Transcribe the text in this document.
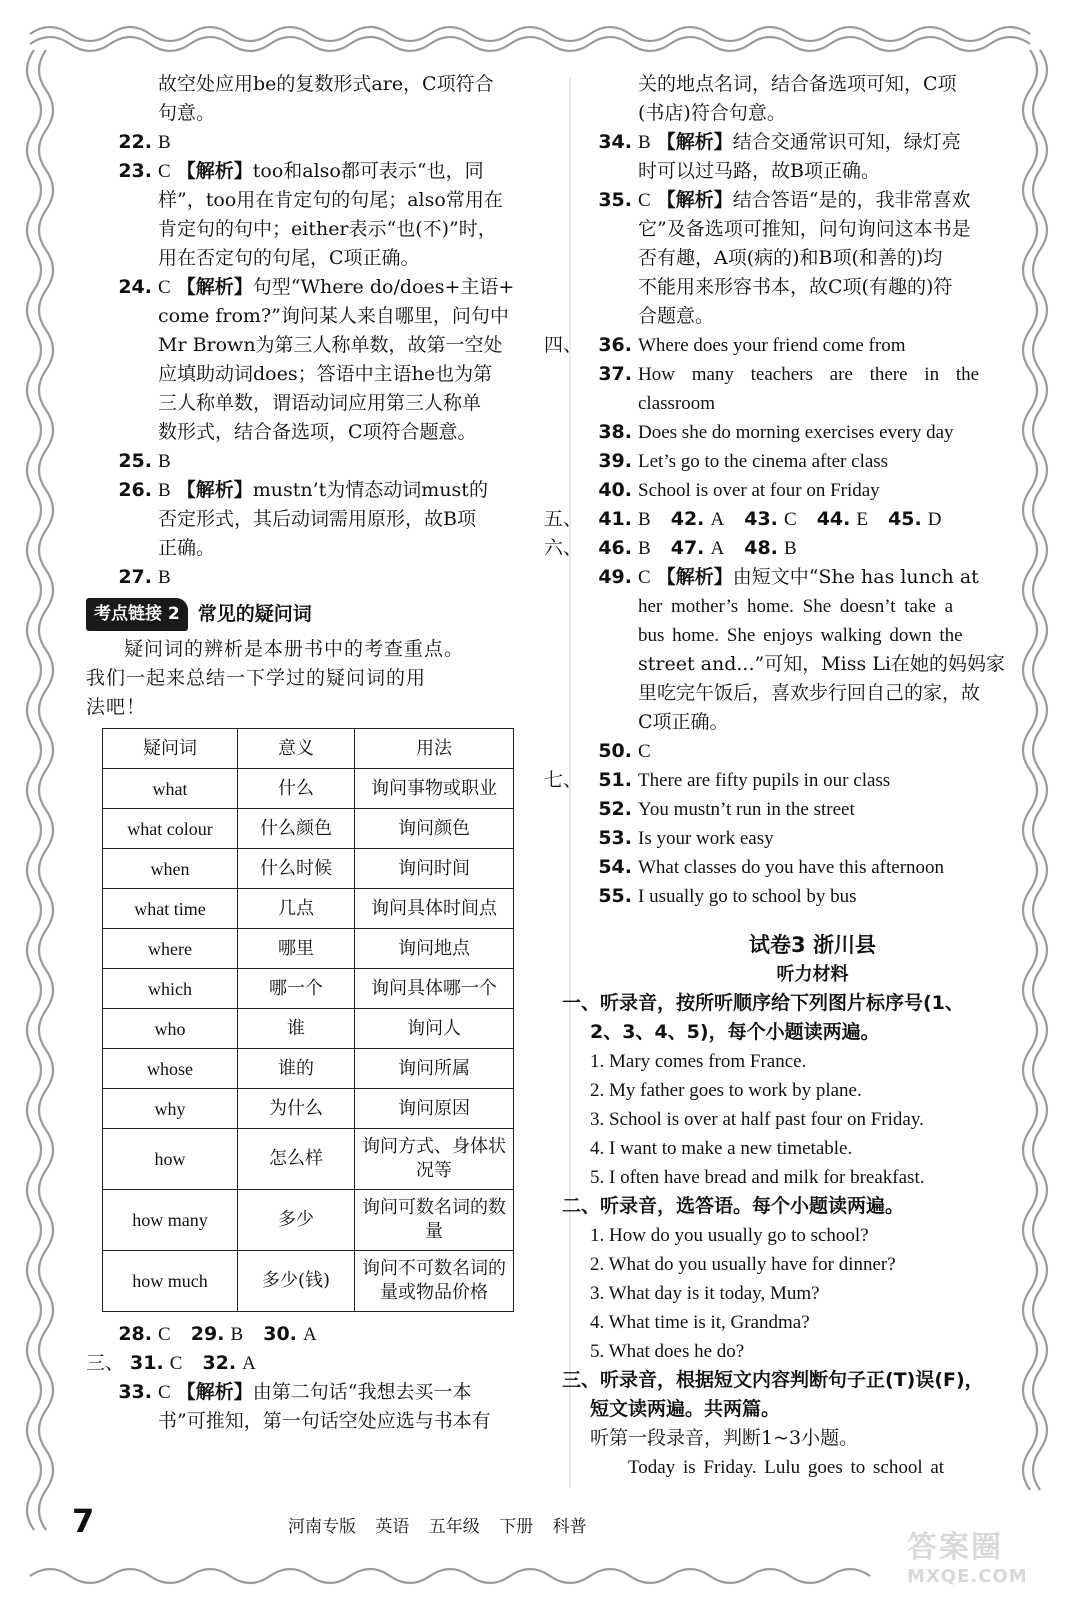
故空处应用be的复数形式are，C项符合
句意。
22. B
23. C 【解析】too和also都可表示“也，同
样”，too用在肯定句的句尾；also常用在
肯定句的句中；either表示“也(不)”时，
用在否定句的句尾，C项正确。
24. C 【解析】句型“Where do/does+主语+
come from?”询问某人来自哪里，问句中
Mr Brown为第三人称单数，故第一空处
应填助动词does；答语中主语he也为第
三人称单数，谓语动词应用第三人称单
数形式，结合备选项，C项符合题意。
25. B
26. B 【解析】mustn’t为情态动词must的
否定形式，其后动词需用原形，故B项
正确。
27. B
考点链接 2 常见的疑问词
疑问词的辨析是本册书中的考查重点。
我们一起来总结一下学过的疑问词的用
法吧！
疑问词	意义	用法
what	什么	询问事物或职业
what colour	什么颜色	询问颜色
when	什么时候	询问时间
what time	几点	询问具体时间点
where	哪里	询问地点
which	哪一个	询问具体哪一个
who	谁	询问人
whose	谁的	询问所属
why	为什么	询问原因
how	怎么样	询问方式、身体状况等
how many	多少	询问可数名词的数量
how much	多少(钱)	询问不可数名词的量或物品价格
28. C 29. B 30. A
三、 31. C 32. A
33. C 【解析】由第二句话“我想去买一本
书”可推知，第一句话空处应选与书本有
关的地点名词，结合备选项可知，C项
(书店)符合句意。
34. B 【解析】结合交通常识可知，绿灯亮
时可以过马路，故B项正确。
35. C 【解析】结合答语“是的，我非常喜欢
它”及备选项可推知，问句询问这本书是
否有趣，A项(病的)和B项(和善的)均
不能用来形容书本，故C项(有趣的)符
合题意。
四、 36. Where does your friend come from
37. How many teachers are there in the
classroom
38. Does she do morning exercises every day
39. Let’s go to the cinema after class
40. School is over at four on Friday
五、 41. B 42. A 43. C 44. E 45. D
六、 46. B 47. A 48. B
49. C 【解析】由短文中“She has lunch at
her mother’s home. She doesn’t take a
bus home. She enjoys walking down the
street and...”可知，Miss Li在她的妈妈家
里吃完午饭后，喜欢步行回自己的家，故
C项正确。
50. C
七、 51. There are fifty pupils in our class
52. You mustn’t run in the street
53. Is your work easy
54. What classes do you have this afternoon
55. I usually go to school by bus
试卷3 浙川县
听力材料
一、听录音，按所听顺序给下列图片标序号(1、
2、3、4、5)，每个小题读两遍。
1. Mary comes from France.
2. My father goes to work by plane.
3. School is over at half past four on Friday.
4. I want to make a new timetable.
5. I often have bread and milk for breakfast.
二、听录音，选答语。每个小题读两遍。
1. How do you usually go to school?
2. What do you usually have for dinner?
3. What day is it today, Mum?
4. What time is it, Grandma?
5. What does he do?
三、听录音，根据短文内容判断句子正(T)误(F)，
短文读两遍。共两篇。
听第一段录音，判断1~3小题。
Today is Friday. Lulu goes to school at
7	河南专版 英语 五年级 下册 科普
答案圈
MXQE.COM
